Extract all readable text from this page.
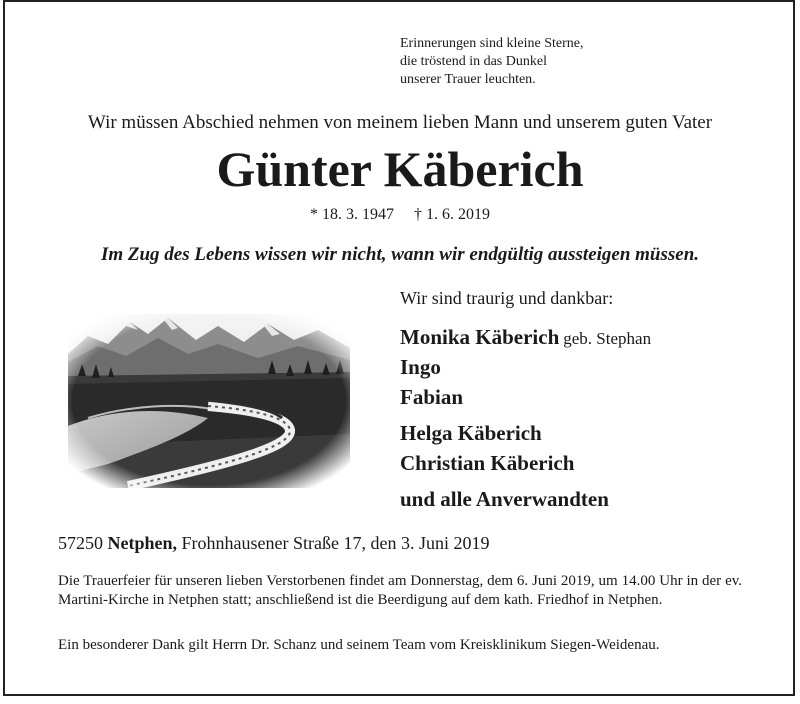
Erinnerungen sind kleine Sterne,
die tröstend in das Dunkel
unserer Trauer leuchten.
Wir müssen Abschied nehmen von meinem lieben Mann und unserem guten Vater
Günter Käberich
* 18. 3. 1947 † 1. 6. 2019
Im Zug des Lebens wissen wir nicht, wann wir endgültig aussteigen müssen.
Wir sind traurig und dankbar:
Monika Käberich geb. Stephan
Ingo
Fabian
Helga Käberich
Christian Käberich
und alle Anverwandten
57250 Netphen, Frohnhausener Straße 17, den 3. Juni 2019
Die Trauerfeier für unseren lieben Verstorbenen findet am Donnerstag, dem 6. Juni 2019, um 14.00 Uhr in der ev. Martini-Kirche in Netphen statt; anschließend ist die Beerdigung auf dem kath. Friedhof in Netphen.
Ein besonderer Dank gilt Herrn Dr. Schanz und seinem Team vom Kreisklinikum Siegen-Weidenau.
